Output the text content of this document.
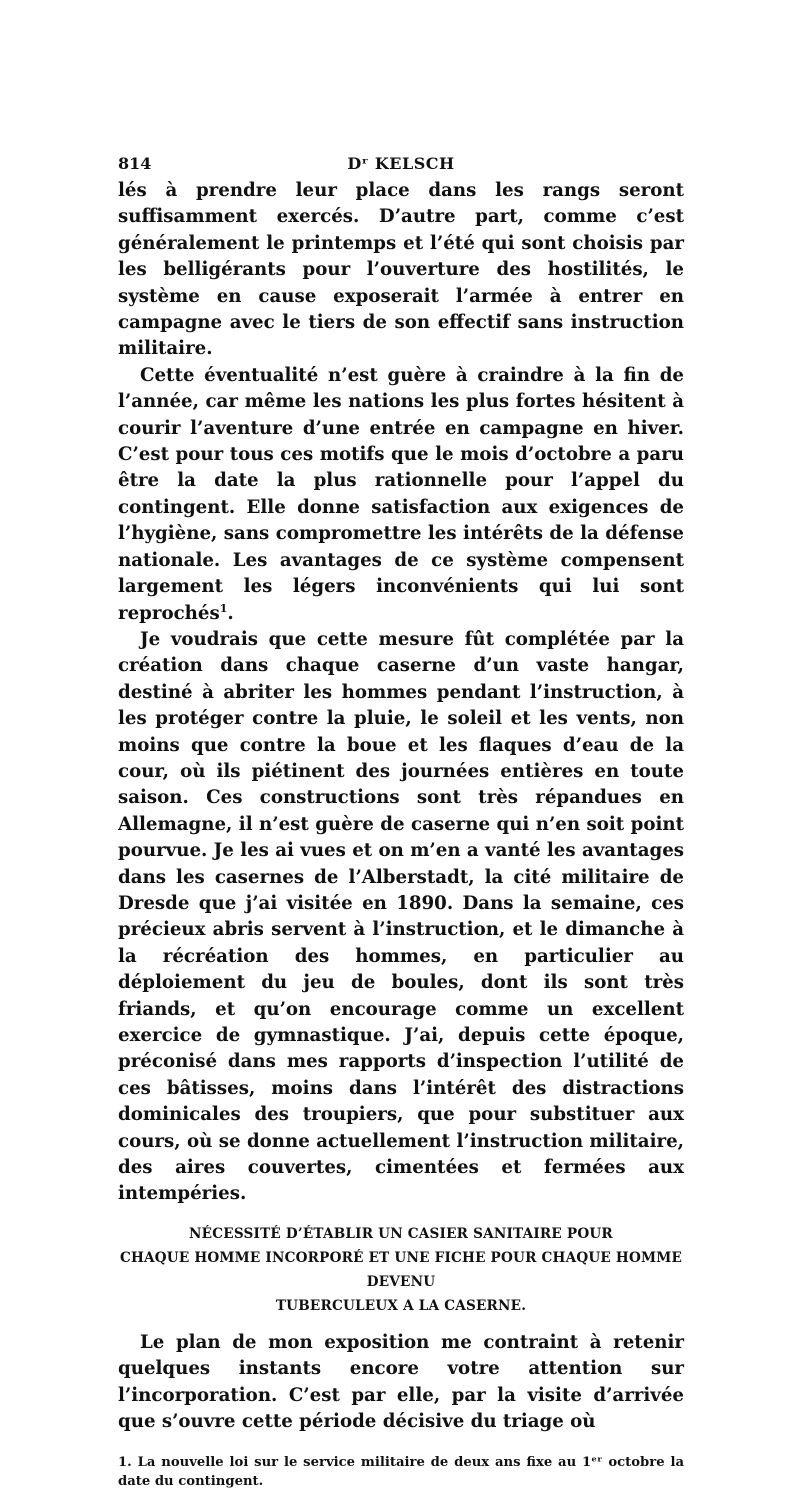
814	Dʳ KELSCH

lés à prendre leur place dans les rangs seront suffisamment exercés. D’autre part, comme c’est généralement le printemps et l’été qui sont choisis par les belligérants pour l’ouverture des hostilités, le système en cause exposerait l’armée à entrer en campagne avec le tiers de son effectif sans instruction militaire.

Cette éventualité n’est guère à craindre à la fin de l’année, car même les nations les plus fortes hésitent à courir l’aventure d’une entrée en campagne en hiver. C’est pour tous ces motifs que le mois d’octobre a paru être la date la plus rationnelle pour l’appel du contingent. Elle donne satisfaction aux exigences de l’hygiène, sans compromettre les intérêts de la défense nationale. Les avantages de ce système compensent largement les légers inconvénients qui lui sont reprochés$^1$.

Je voudrais que cette mesure fût complétée par la création dans chaque caserne d’un vaste hangar, destiné à abriter les hommes pendant l’instruction, à les protéger contre la pluie, le soleil et les vents, non moins que contre la boue et les flaques d’eau de la cour, où ils piétinent des journées entières en toute saison. Ces constructions sont très répandues en Allemagne, il n’est guère de caserne qui n’en soit point pourvue. Je les ai vues et on m’en a vanté les avantages dans les casernes de l’Alberstadt, la cité militaire de Dresde que j’ai visitée en 1890. Dans la semaine, ces précieux abris servent à l’instruction, et le dimanche à la récréation des hommes, en particulier au déploiement du jeu de boules, dont ils sont très friands, et qu’on encourage comme un excellent exercice de gymnastique. J’ai, depuis cette époque, préconisé dans mes rapports d’inspection l’utilité de ces bâtisses, moins dans l’intérêt des distractions dominicales des troupiers, que pour substituer aux cours, où se donne actuellement l’instruction militaire, des aires couvertes, cimentées et fermées aux intempéries.

NÉCESSITÉ D’ÉTABLIR UN CASIER SANITAIRE POUR
CHAQUE HOMME INCORPORÉ ET UNE FICHE POUR CHAQUE HOMME DEVENU
TUBERCULEUX A LA CASERNE.

Le plan de mon exposition me contraint à retenir quelques instants encore votre attention sur l’incorporation. C’est par elle, par la visite d’arrivée que s’ouvre cette période décisive du triage où

1. La nouvelle loi sur le service militaire de deux ans fixe au 1ᵉʳ octobre la date du contingent.
